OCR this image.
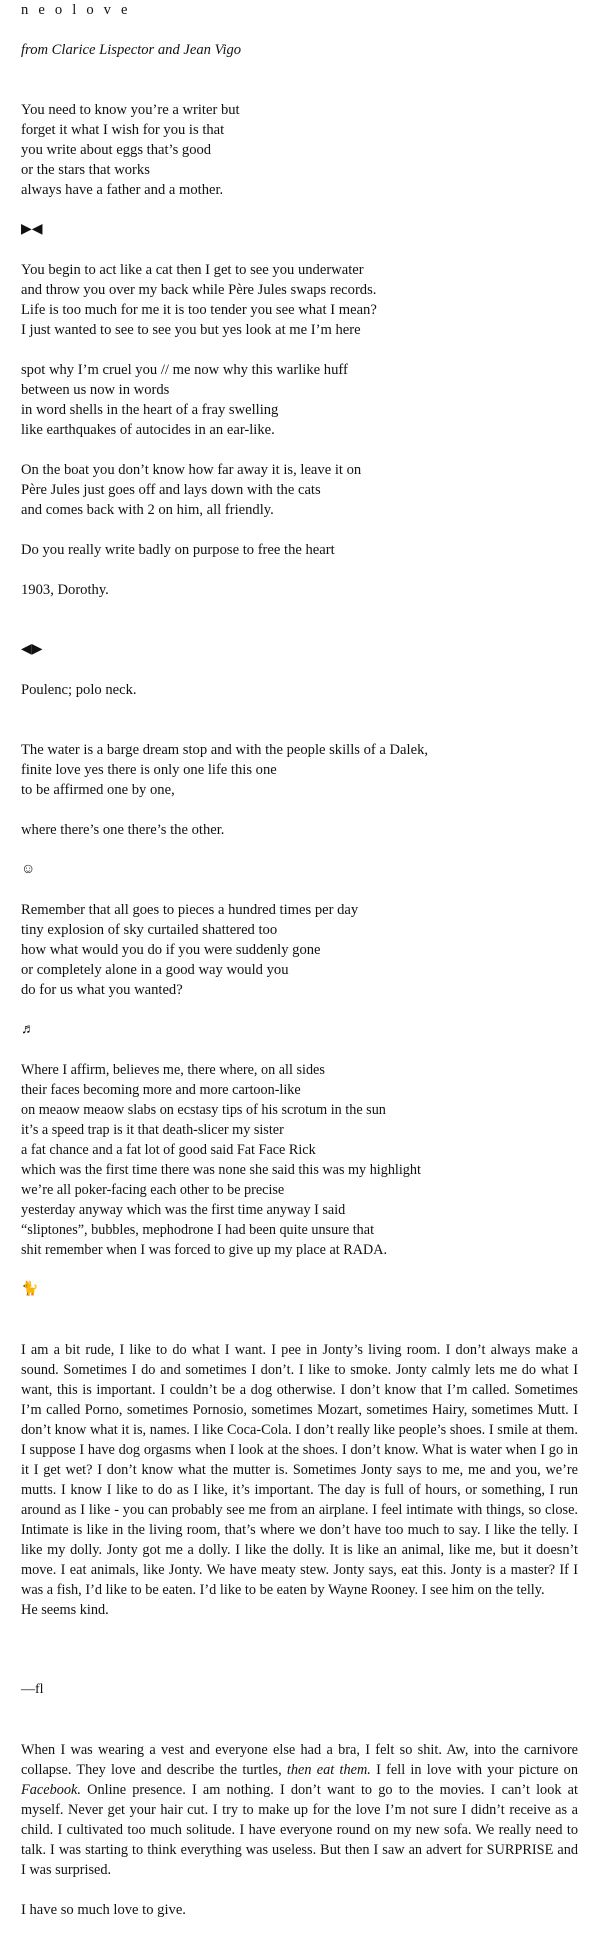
n e o l o v e

from Clarice Lispector and Jean Vigo

You need to know you’re a writer but
forget it what I wish for you is that
you write about eggs that’s good
or the stars that works
always have a father and a mother.

▶◀

You begin to act like a cat then I get to see you underwater
and throw you over my back while Père Jules swaps records.
Life is too much for me it is too tender you see what I mean?
I just wanted to see to see you but yes look at me I’m here
spot why I’m cruel you // me now why this warlike huff
between us now in words
in word shells in the heart of a fray swelling
like earthquakes of autocides in an ear-like.
On the boat you don’t know how far away it is, leave it on
Père Jules just goes off and lays down with the cats
and comes back with 2 on him, all friendly.

Do you really write badly on purpose to free the heart

1903, Dorothy.

◀▶

Poulenc; polo neck.

The water is a barge dream stop and with the people skills of a Dalek,
finite love yes there is only one life this one
to be affirmed one by one,

where there’s one there’s the other.

☺

Remember that all goes to pieces a hundred times per day
tiny explosion of sky curtailed shattered too
how what would you do if you were suddenly gone
or completely alone in a good way would you
do for us what you wanted?

♬

Where I affirm, believes me, there where, on all sides
their faces becoming more and more cartoon-like
on meaow meaow slabs on ecstasy tips of his scrotum in the sun
it’s a speed trap is it that death-slicer my sister
a fat chance and a fat lot of good said Fat Face Rick
which was the first time there was none she said this was my highlight
we’re all poker-facing each other to be precise
yesterday anyway which was the first time anyway I said
“sliptones”, bubbles, mephodrone I had been quite unsure that
shit remember when I was forced to give up my place at RADA.

🐈

I am a bit rude, I like to do what I want. I pee in Jonty’s living room. I don’t always make a sound. Sometimes I do and sometimes I don’t. I like to smoke. Jonty calmly lets me do what I want, this is important. I couldn’t be a dog otherwise. I don’t know that I’m called. Sometimes I’m called Porno, sometimes Pornosio, sometimes Mozart, sometimes Hairy, sometimes Mutt. I don’t know what it is, names. I like Coca-Cola. I don’t really like people’s shoes. I smile at them. I suppose I have dog orgasms when I look at the shoes. I don’t know. What is water when I go in it I get wet? I don’t know what the mutter is. Sometimes Jonty says to me, me and you, we’re mutts. I know I like to do as I like, it’s important. The day is full of hours, or something, I run around as I like - you can probably see me from an airplane. I feel intimate with things, so close. Intimate is like in the living room, that’s where we don’t have too much to say. I like the telly. I like my dolly. Jonty got me a dolly. I like the dolly. It is like an animal, like me, but it doesn’t move. I eat animals, like Jonty. We have meaty stew. Jonty says, eat this. Jonty is a master? If I was a fish, I’d like to be eaten. I’d like to be eaten by Wayne Rooney. I see him on the telly.
He seems kind.

—fl

When I was wearing a vest and everyone else had a bra, I felt so shit. Aw, into the carnivore collapse. They love and describe the turtles, then eat them. I fell in love with your picture on Facebook. Online presence. I am nothing. I don’t want to go to the movies. I can’t look at myself. Never get your hair cut. I try to make up for the love I’m not sure I didn’t receive as a child. I cultivated too much solitude. I have everyone round on my new sofa. We really need to talk. I was starting to think everything was useless. But then I saw an advert for SURPRISE and I was surprised.

I have so much love to give.
